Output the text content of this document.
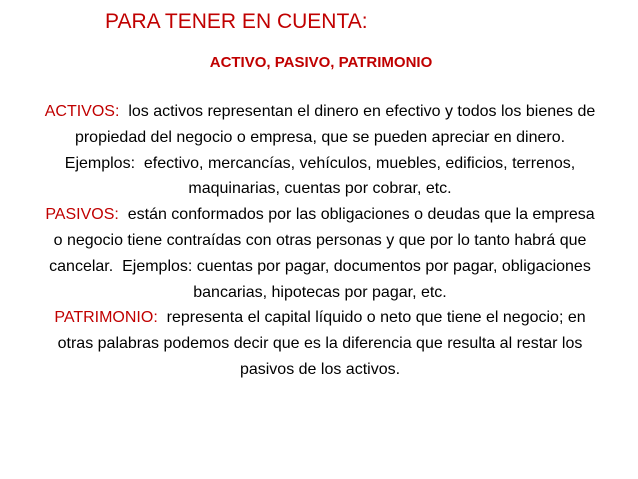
PARA TENER EN CUENTA:
ACTIVO, PASIVO, PATRIMONIO

ACTIVOS:  los activos representan el dinero en efectivo y todos los bienes de propiedad del negocio o empresa, que se pueden apreciar en dinero.  Ejemplos:  efectivo, mercancías, vehículos, muebles, edificios, terrenos, maquinarias, cuentas por cobrar, etc.

PASIVOS:  están conformados por las obligaciones o deudas que la empresa o negocio tiene contraídas con otras personas y que por lo tanto habrá que cancelar.  Ejemplos: cuentas por pagar, documentos por pagar, obligaciones bancarias, hipotecas por pagar, etc.

PATRIMONIO:  representa el capital líquido o neto que tiene el negocio; en otras palabras podemos decir que es la diferencia que resulta al restar los pasivos de los activos.
